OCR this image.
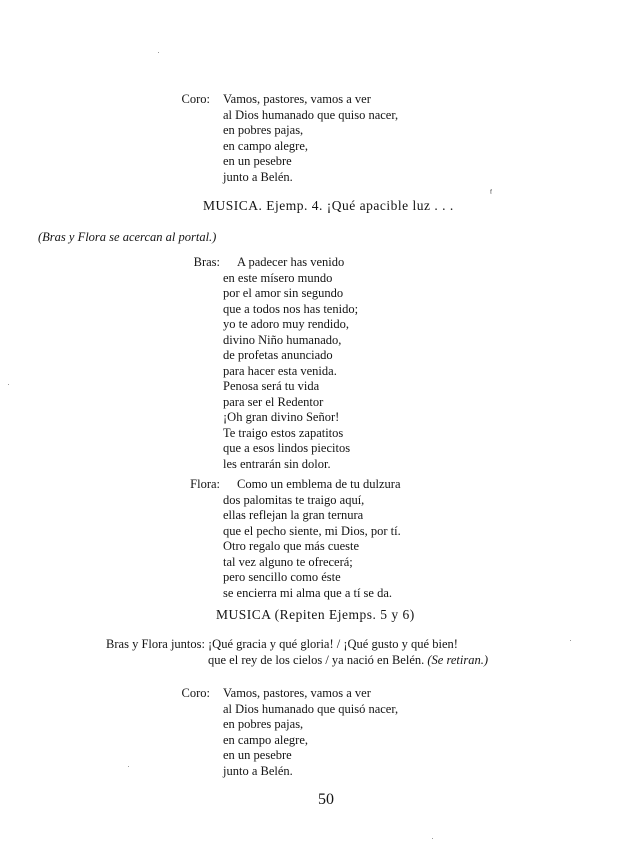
Coro: Vamos, pastores, vamos a ver
al Dios humanado que quiso nacer,
en pobres pajas,
en campo alegre,
en un pesebre
junto a Belén.
MUSICA. Ejemp. 4. ¡Qué apacible luz . . .
ᶠ
(Bras y Flora se acercan al portal.)
Bras:	A padecer has venido
en este mísero mundo
por el amor sin segundo
que a todos nos has tenido;
yo te adoro muy rendido,
divino Niño humanado,
de profetas anunciado
para hacer esta venida.
Penosa será tu vida
para ser el Redentor
¡Oh gran divino Señor!
Te traigo estos zapatitos
que a esos lindos piecitos
les entrarán sin dolor.
Flora:	Como un emblema de tu dulzura
dos palomitas te traigo aquí,
ellas reflejan la gran ternura
que el pecho siente, mi Dios, por tí.
Otro regalo que más cueste
tal vez alguno te ofrecerá;
pero sencillo como éste
se encierra mi alma que a tí se da.
MUSICA (Repiten Ejemps. 5 y 6)
Bras y Flora juntos: ¡Qué gracia y qué gloria! / ¡Qué gusto y qué bien!
que el rey de los cielos / ya nació en Belén. (Se retiran.)
Coro: Vamos, pastores, vamos a ver
al Dios humanado que quisó nacer,
en pobres pajas,
en campo alegre,
en un pesebre
junto a Belén.
50
